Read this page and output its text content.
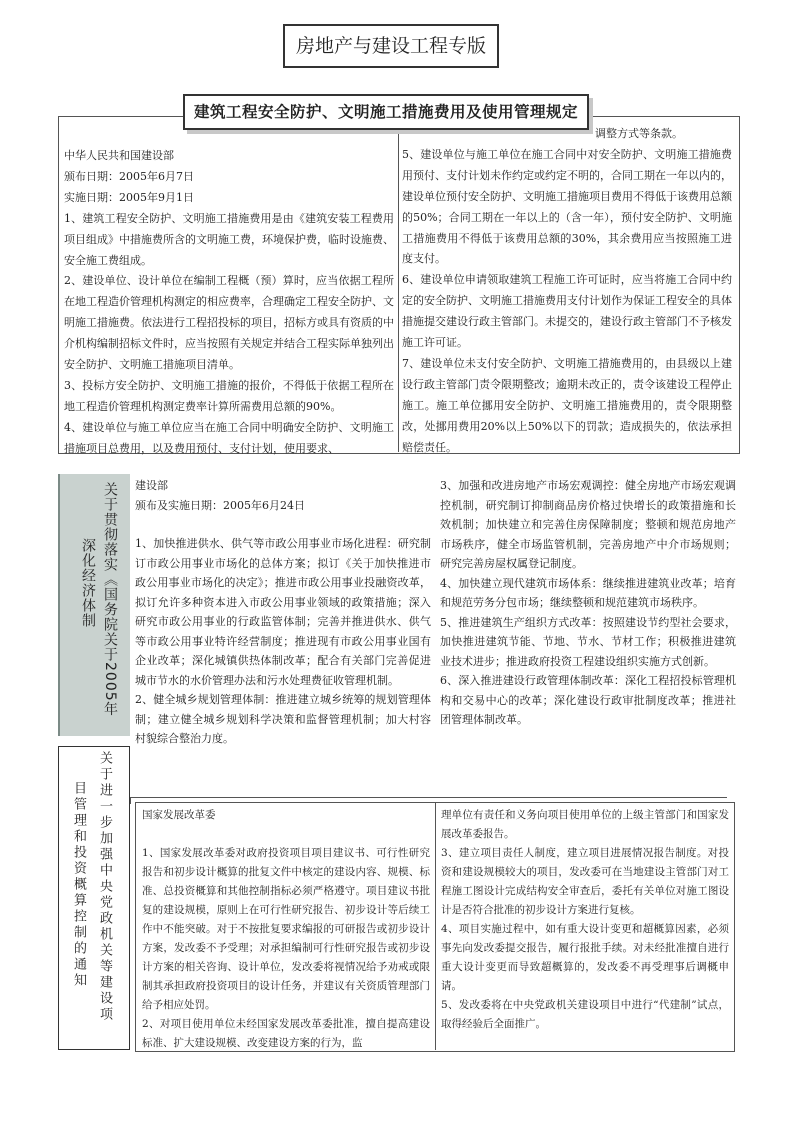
房地产与建设工程专版
建筑工程安全防护、文明施工措施费用及使用管理规定

中华人民共和国建设部

颁布日期：2005年6月7日

实施日期：2005年9月1日

1、建筑工程安全防护、文明施工措施费用是由《建筑安装工程费用项目组成》中措施费所含的文明施工费，环境保护费，临时设施费、安全施工费组成。

2、建设单位、设计单位在编制工程概（预）算时，应当依据工程所在地工程造价管理机构测定的相应费率，合理确定工程安全防护、文明施工措施费。依法进行工程招投标的项目，招标方或具有资质的中介机构编制招标文件时，应当按照有关规定并结合工程实际单独列出安全防护、文明施工措施项目清单。

3、投标方安全防护、文明施工措施的报价，不得低于依据工程所在地工程造价管理机构测定费率计算所需费用总额的90%。

4、建设单位与施工单位应当在施工合同中明确安全防护、文明施工措施项目总费用，以及费用预付、支付计划，使用要求、

调整方式等条款。

5、建设单位与施工单位在施工合同中对安全防护、文明施工措施费用预付、支付计划未作约定或约定不明的，合同工期在一年以内的，建设单位预付安全防护、文明施工措施项目费用不得低于该费用总额的50%；合同工期在一年以上的（含一年），预付安全防护、文明施工措施费用不得低于该费用总额的30%，其余费用应当按照施工进度支付。

6、建设单位申请领取建筑工程施工许可证时，应当将施工合同中约定的安全防护、文明施工措施费用支付计划作为保证工程安全的具体措施提交建设行政主管部门。未提交的，建设行政主管部门不予核发施工许可证。

7、建设单位未支付安全防护、文明施工措施费用的，由县级以上建设行政主管部门责令限期整改；逾期未改正的，责令该建设工程停止施工。施工单位挪用安全防护、文明施工措施费用的，责令限期整改，处挪用费用20%以上50%以下的罚款；造成损失的，依法承担赔偿责任。

关于贯彻落实《国务院关于2005年
深化经济体制

建设部

颁布及实施日期：2005年6月24日

1、加快推进供水、供气等市政公用事业市场化进程：研究制订市政公用事业市场化的总体方案；拟订《关于加快推进市政公用事业市场化的决定》；推进市政公用事业投融资改革，拟订允许多种资本进入市政公用事业领域的政策措施；深入研究市政公用事业的行政监管体制；完善并推进供水、供气等市政公用事业特许经营制度；推进现有市政公用事业国有企业改革；深化城镇供热体制改革；配合有关部门完善促进城市节水的水价管理办法和污水处理费征收管理机制。

2、健全城乡规划管理体制：推进建立城乡统筹的规划管理体制；建立健全城乡规划科学决策和监督管理机制；加大村容村貌综合整治力度。

3、加强和改进房地产市场宏观调控：健全房地产市场宏观调控机制，研究制订抑制商品房价格过快增长的政策措施和长效机制；加快建立和完善住房保障制度；整顿和规范房地产市场秩序，健全市场监管机制，完善房地产中介市场规则；研究完善房屋权属登记制度。

4、加快建立现代建筑市场体系：继续推进建筑业改革；培育和规范劳务分包市场；继续整顿和规范建筑市场秩序。

5、推进建筑生产组织方式改革：按照建设节约型社会要求，加快推进建筑节能、节地、节水、节材工作；积极推进建筑业技术进步；推进政府投资工程建设组织实施方式创新。

6、深入推进建设行政管理体制改革：深化工程招投标管理机构和交易中心的改革；深化建设行政审批制度改革；推进社团管理体制改革。

关于进一步加强中央党政机关等建设项
目管理和投资概算控制的通知	国家发展改革委

1、国家发展改革委对政府投资项目项目建议书、可行性研究报告和初步设计概算的批复文件中核定的建设内容、规模、标准、总投资概算和其他控制指标必须严格遵守。项目建议书批复的建设规模，原则上在可行性研究报告、初步设计等后续工作中不能突破。对于不按批复要求编报的可研报告或初步设计方案，发改委不予受理；对承担编制可行性研究报告或初步设计方案的相关咨询、设计单位，发改委将视情况给予劝戒或限制其承担政府投资项目的设计任务，并建议有关资质管理部门给予相应处罚。

2、对项目使用单位未经国家发展改革委批准，擅自提高建设标准、扩大建设规模、改变建设方案的行为，监

理单位有责任和义务向项目使用单位的上级主管部门和国家发展改革委报告。

3、建立项目责任人制度，建立项目进展情况报告制度。对投资和建设规模较大的项目，发改委可在当地建设主管部门对工程施工图设计完成结构安全审查后，委托有关单位对施工图设计是否符合批准的初步设计方案进行复核。

4、项目实施过程中，如有重大设计变更和超概算因素，必须事先向发改委提交报告，履行报批手续。对未经批准擅自进行重大设计变更而导致超概算的，发改委不再受理事后调概申请。

5、发改委将在中央党政机关建设项目中进行“代建制”试点，取得经验后全面推广。
